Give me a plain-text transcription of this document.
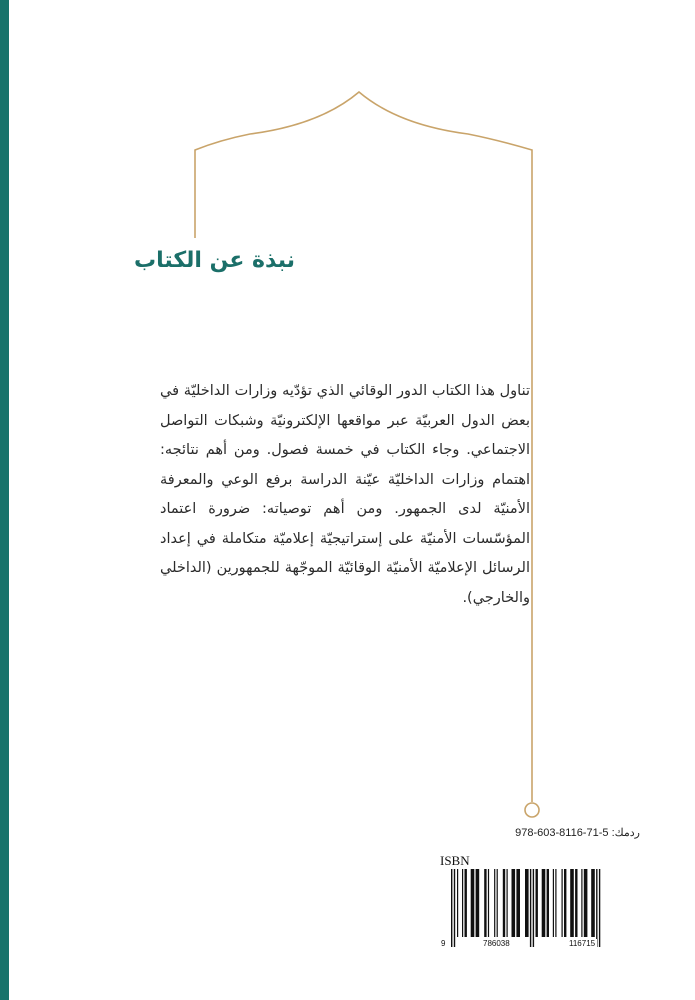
نبذة عن الكتاب

تناول هذا الكتاب الدور الوقائي الذي تؤدّيه وزارات الداخليّة في بعض الدول العربيّة عبر مواقعها الإلكترونيّة وشبكات التواصل الاجتماعي. وجاء الكتاب في خمسة فصول. ومن أهم نتائجه: اهتمام وزارات الداخليّة عيّنة الدراسة برفع الوعي والمعرفة الأمنيّة لدى الجمهور. ومن أهم توصياته: ضرورة اعتماد المؤسّسات الأمنيّة على إستراتيجيّة إعلاميّة متكاملة في إعداد الرسائل الإعلاميّة الأمنيّة الوقائيّة الموجّهة للجمهورين (الداخلي والخارجي).

ردمك: 978-603-8116-71-5
ISBN
9	786038	116715
